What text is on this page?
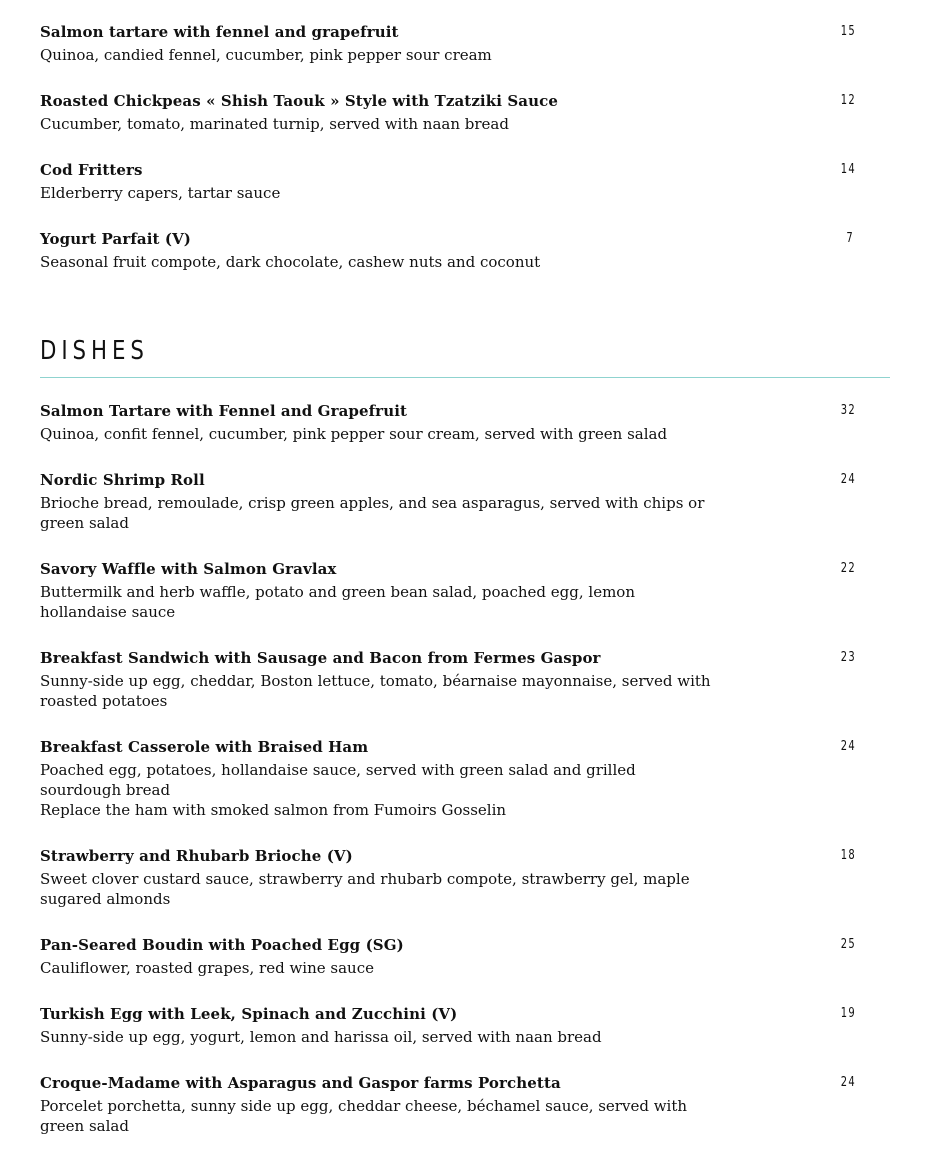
Salmon tartare with fennel and grapefruit
Quinoa, candied fennel, cucumber, pink pepper sour cream
15
Roasted Chickpeas « Shish Taouk » Style with Tzatziki Sauce
Cucumber, tomato, marinated turnip, served with naan bread
12
Cod Fritters
Elderberry capers, tartar sauce
14
Yogurt Parfait (V)
Seasonal fruit compote, dark chocolate, cashew nuts and coconut
7
DISHES
Salmon Tartare with Fennel and Grapefruit
Quinoa, confit fennel, cucumber, pink pepper sour cream, served with green salad
32
Nordic Shrimp Roll
Brioche bread, remoulade, crisp green apples, and sea asparagus, served with chips or
green salad
24
Savory Waffle with Salmon Gravlax
Buttermilk and herb waffle, potato and green bean salad, poached egg, lemon
hollandaise sauce
22
Breakfast Sandwich with Sausage and Bacon from Fermes Gaspor
Sunny-side up egg, cheddar, Boston lettuce, tomato, béarnaise mayonnaise, served with
roasted potatoes
23
Breakfast Casserole with Braised Ham
Poached egg, potatoes, hollandaise sauce, served with green salad and grilled
sourdough bread
Replace the ham with smoked salmon from Fumoirs Gosselin
24
Strawberry and Rhubarb Brioche (V)
Sweet clover custard sauce, strawberry and rhubarb compote, strawberry gel, maple
sugared almonds
18
Pan-Seared Boudin with Poached Egg (SG)
Cauliflower, roasted grapes, red wine sauce
25
Turkish Egg with Leek, Spinach and Zucchini (V)
Sunny-side up egg, yogurt, lemon and harissa oil, served with naan bread
19
Croque-Madame with Asparagus and Gaspor farms Porchetta
Porcelet porchetta, sunny side up egg, cheddar cheese, béchamel sauce, served with
green salad
24
